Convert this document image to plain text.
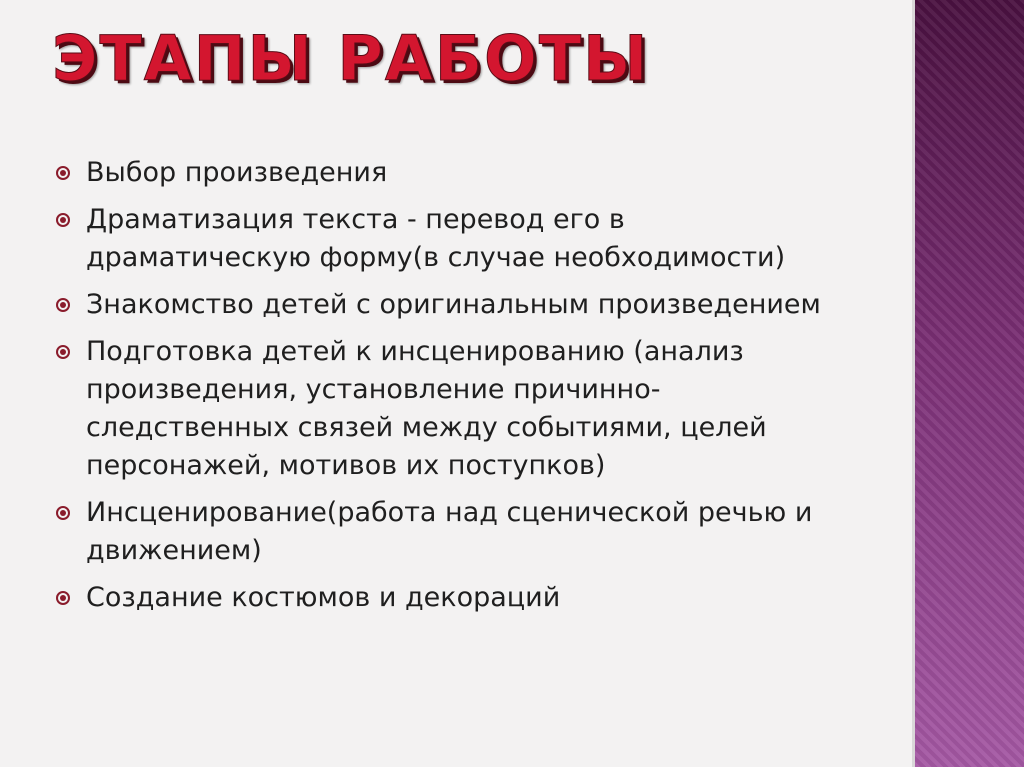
ЭТАПЫ РАБОТЫ
Выбор произведения
Драматизация текста - перевод его в драматическую форму(в случае необходимости)
Знакомство детей с оригинальным произведением
Подготовка детей к инсценированию (анализ произведения, установление причинно-следственных связей между событиями, целей персонажей, мотивов их поступков)
Инсценирование(работа над сценической речью и движением)
Создание костюмов и декораций
